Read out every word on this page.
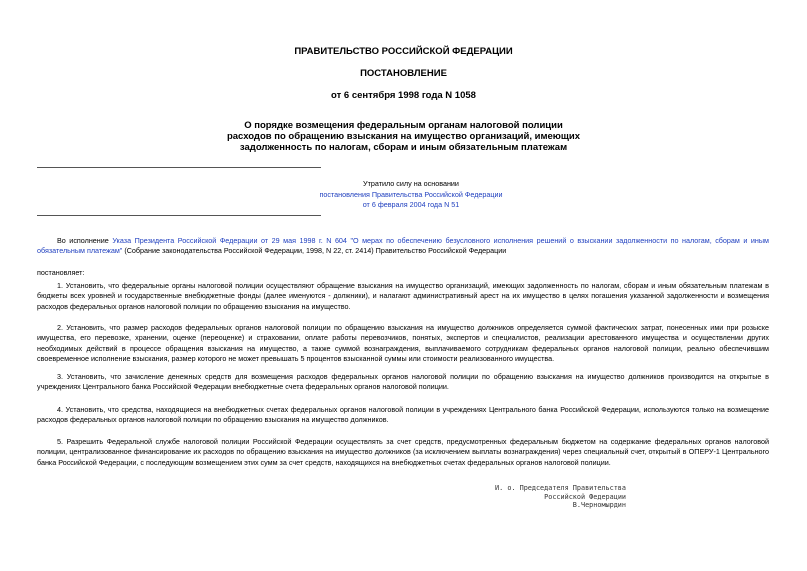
ПРАВИТЕЛЬСТВО РОССИЙСКОЙ ФЕДЕРАЦИИ
ПОСТАНОВЛЕНИЕ
от 6 сентября 1998 года N 1058
О порядке возмещения федеральным органам налоговой полиции
расходов по обращению взыскания на имущество организаций, имеющих
задолженность по налогам, сборам и иным обязательным платежам
Утратило силу на основании
постановления Правительства Российской Федерации
от 6 февраля 2004 года N 51
Во исполнение Указа Президента Российской Федерации от 29 мая 1998 г. N 604 "О мерах по обеспечению безусловного исполнения решений о взыскании задолженности по налогам, сборам и иным обязательным платежам" (Собрание законодательства Российской Федерации, 1998, N 22, ст. 2414) Правительство Российской Федерации
постановляет:
1. Установить, что федеральные органы налоговой полиции осуществляют обращение взыскания на имущество организаций, имеющих задолженность по налогам, сборам и иным обязательным платежам в бюджеты всех уровней и государственные внебюджетные фонды (далее именуются - должники), и налагают административный арест на их имущество в целях погашения указанной задолженности и возмещения расходов федеральных органов налоговой полиции по обращению взыскания на имущество.
2. Установить, что размер расходов федеральных органов налоговой полиции по обращению взыскания на имущество должников определяется суммой фактических затрат, понесенных ими при розыске имущества, его перевозке, хранении, оценке (переоценке) и страховании, оплате работы перевозчиков, понятых, экспертов и специалистов, реализации арестованного имущества и осуществлении других необходимых действий в процессе обращения взыскания на имущество, а также суммой вознаграждения, выплачиваемого сотрудникам федеральных органов налоговой полиции, реально обеспечившим своевременное исполнение взыскания, размер которого не может превышать 5 процентов взысканной суммы или стоимости реализованного имущества.
3. Установить, что зачисление денежных средств для возмещения расходов федеральных органов налоговой полиции по обращению взыскания на имущество должников производится на открытые в учреждениях Центрального банка Российской Федерации внебюджетные счета федеральных органов налоговой полиции.
4. Установить, что средства, находящиеся на внебюджетных счетах федеральных органов налоговой полиции в учреждениях Центрального банка Российской Федерации, используются только на возмещение расходов федеральных органов налоговой полиции по обращению взыскания на имущество должников.
5. Разрешить Федеральной службе налоговой полиции Российской Федерации осуществлять за счет средств, предусмотренных федеральным бюджетом на содержание федеральных органов налоговой полиции, централизованное финансирование их расходов по обращению взыскания на имущество должников (за исключением выплаты вознаграждения) через специальный счет, открытый в ОПЕРУ-1 Центрального банка Российской Федерации, с последующим возмещением этих сумм за счет средств, находящихся на внебюджетных счетах федеральных органов налоговой полиции.
И. о. Председателя Правительства
Российской Федерации
В.Черномырдин
